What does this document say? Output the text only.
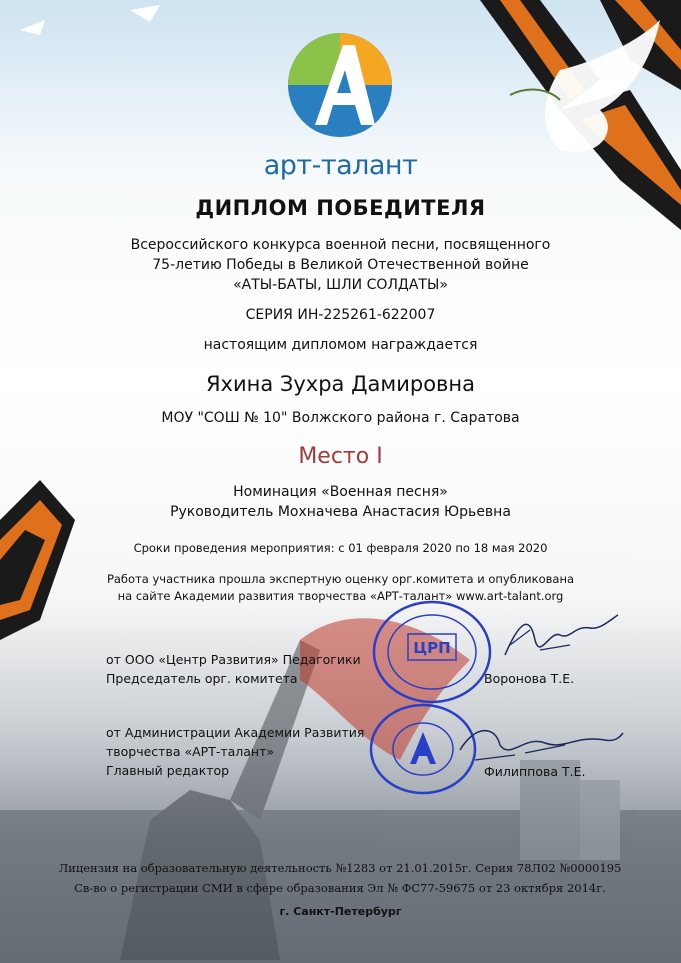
арт-талант
ДИПЛОМ ПОБЕДИТЕЛЯ
Всероссийского конкурса военной песни, посвященного
75-летию Победы в Великой Отечественной войне
«АТЫ-БАТЫ, ШЛИ СОЛДАТЫ»
СЕРИЯ ИН-225261-622007
настоящим дипломом награждается
Яхина Зухра Дамировна
МОУ "СОШ № 10" Волжского района г. Саратова
Место I
Номинация «Военная песня»
Руководитель Мохначева Анастасия Юрьевна
Сроки проведения мероприятия: с 01 февраля 2020 по 18 мая 2020
Работа участника прошла экспертную оценку орг.комитета и опубликована
на сайте Академии развития творчества «АРТ-талант» www.art-talant.org
от ООО «Центр Развития» Педагогики
Председатель орг. комитета
ЦРП
Воронова Т.Е.
от Администрации Академии Развития
творчества «АРТ-талант»
Главный редактор	Филиппова Т.Е.
Лицензия на образовательную деятельность №1283 от 21.01.2015г. Серия 78Л02 №0000195
Св-во о регистрации СМИ в сфере образования Эл № ФС77-59675 от 23 октября 2014г.
г. Санкт-Петербург
